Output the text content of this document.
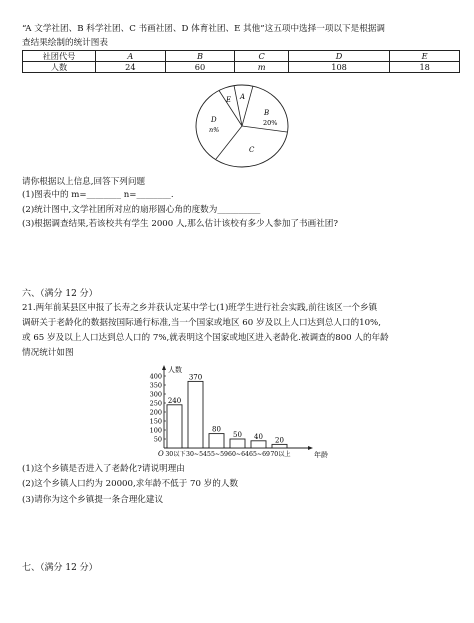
“A 文学社团、B 科学社团、C 书画社团、D 体育社团、E 其他”这五项中选择一项以下是根据调
查结果绘制的统计图表
社团代号	A	B	C	D	E
人数	24	60	m	108	18
E A
B
20%
D
n%
C
请你根据以上信息,回答下列问题
(1)图表中的 m=________ n=________.
(2)统计图中,文学社团所对应的扇形圆心角的度数为__________
(3)根据调查结果,若该校共有学生 2000 人,那么估计该校有多少人参加了书画社团?
六、（满分 12 分）
21.两年前某县区申报了长寿之乡并获认定某中学七(1)班学生进行社会实践,前往该区一个乡镇
调研关于老龄化的数据按国际通行标准,当一个国家或地区 60 岁及以上人口达到总人口的10%,
或 65 岁及以上人口达到总人口的 7%,就表明这个国家或地区进入老龄化.被调查的800 人的年龄
情况统计如图
人数
400
350
300
250
200
150
100
50
O
240
30以下
370
30~54
80
55~59
50
60~64
40
65~69
20
70以上	年龄
(1)这个乡镇是否进入了老龄化?请说明理由
(2)这个乡镇人口约为 20000,求年龄不低于 70 岁的人数
(3)请你为这个乡镇提一条合理化建议
七、（满分 12 分）
